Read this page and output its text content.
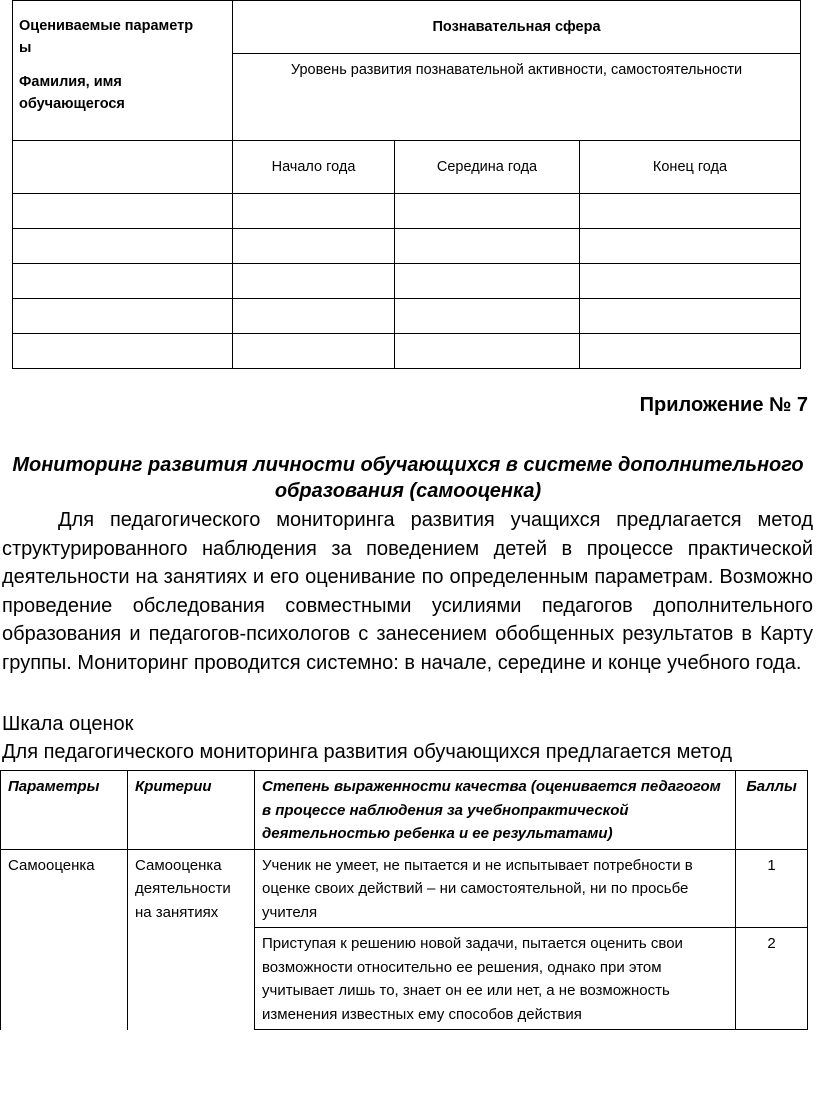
Оцениваемые параметр
ы
Фамилия, имя
обучающегося	Познавательная сфера		
	Уровень развития познавательной активности, самостоятельности		
	Начало года	Середина года	Конец года

Приложение № 7
Мониторинг развития личности обучающихся в системе дополнительного
образования (самооценка)

Для педагогического мониторинга развития учащихся предлагается метод структурированного наблюдения за поведением детей в процессе практической деятельности на занятиях и его оценивание по определенным параметрам. Возможно проведение обследования совместными усилиями педагогов дополнительного образования и педагогов-психологов с занесением обобщенных результатов в Карту группы. Мониторинг проводится системно: в начале, середине и конце учебного года.

Шкала оценок
Для педагогического мониторинга развития обучающихся предлагается метод
Параметры	Критерии	Степень выраженности качества (оценивается педагогом в процессе наблюдения за учебнопрактической деятельностью ребенка и ее результатами)	Баллы
Самооценка	Самооценка деятельности на занятиях	Ученик не умеет, не пытается и не испытывает потребности в оценке своих действий – ни самостоятельной, ни по просьбе учителя	1
		Приступая к решению новой задачи, пытается оценить свои возможности относительно ее решения, однако при этом учитывает лишь то, знает он ее или нет, а не возможность изменения известных ему способов действия	2
